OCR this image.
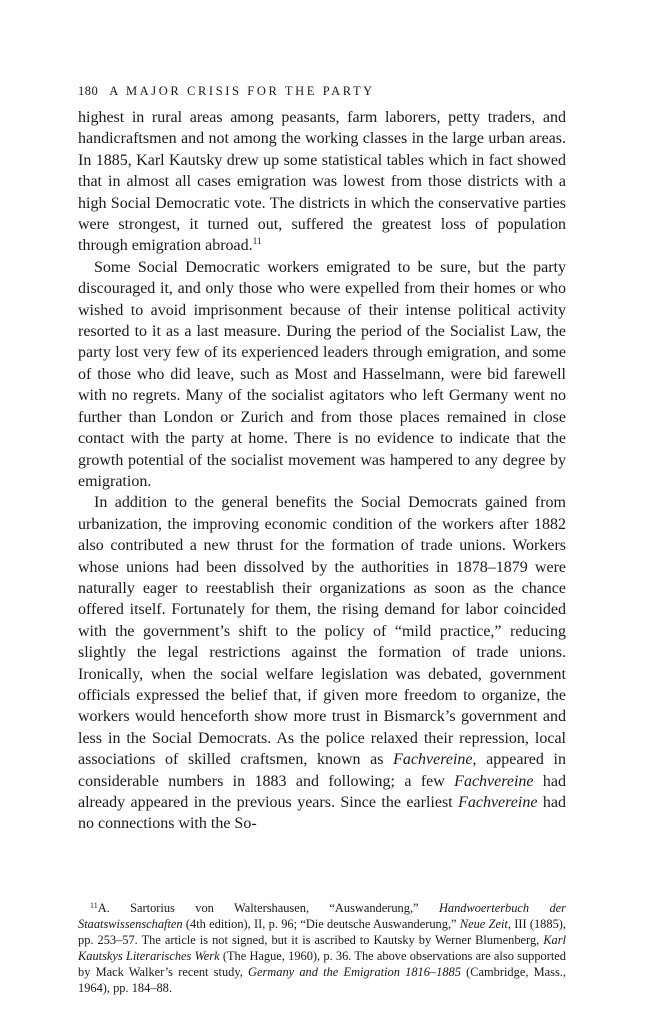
180 A MAJOR CRISIS FOR THE PARTY

highest in rural areas among peasants, farm laborers, petty traders, and handicraftsmen and not among the working classes in the large urban areas. In 1885, Karl Kautsky drew up some statistical tables which in fact showed that in almost all cases emigration was lowest from those districts with a high Social Democratic vote. The districts in which the conservative parties were strongest, it turned out, suffered the greatest loss of population through emigration abroad.$^{11}$

Some Social Democratic workers emigrated to be sure, but the party discouraged it, and only those who were expelled from their homes or who wished to avoid imprisonment because of their intense political activity resorted to it as a last measure. During the period of the Socialist Law, the party lost very few of its experienced leaders through emigration, and some of those who did leave, such as Most and Hasselmann, were bid farewell with no regrets. Many of the socialist agitators who left Germany went no further than London or Zurich and from those places remained in close contact with the party at home. There is no evidence to indicate that the growth potential of the socialist movement was hampered to any degree by emigration.

In addition to the general benefits the Social Democrats gained from urbanization, the improving economic condition of the workers after 1882 also contributed a new thrust for the formation of trade unions. Workers whose unions had been dissolved by the authorities in 1878–1879 were naturally eager to reestablish their organizations as soon as the chance offered itself. Fortunately for them, the rising demand for labor coincided with the government’s shift to the policy of “mild practice,” reducing slightly the legal restrictions against the formation of trade unions. Ironically, when the social welfare legislation was debated, government officials expressed the belief that, if given more freedom to organize, the workers would henceforth show more trust in Bismarck’s government and less in the Social Democrats. As the police relaxed their repression, local associations of skilled craftsmen, known as Fachvereine, appeared in considerable numbers in 1883 and following; a few Fachvereine had already appeared in the previous years. Since the earliest Fachvereine had no connections with the So-

$^{11}$A. Sartorius von Waltershausen, “Auswanderung,” Handwoerterbuch der Staatswissenschaften (4th edition), II, p. 96; “Die deutsche Auswanderung,” Neue Zeit, III (1885), pp. 253–57. The article is not signed, but it is ascribed to Kautsky by Werner Blumenberg, Karl Kautskys Literarisches Werk (The Hague, 1960), p. 36. The above observations are also supported by Mack Walker’s recent study, Germany and the Emigration 1816–1885 (Cambridge, Mass., 1964), pp. 184–88.
